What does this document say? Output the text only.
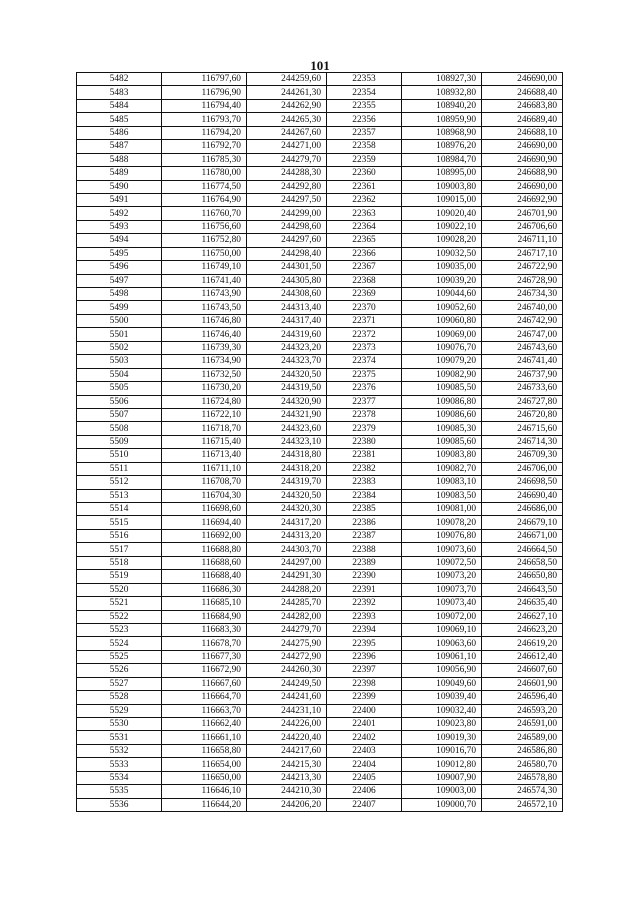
101
5482	116797,60	244259,60	22353	108927,30	246690,00
5483	116796,90	244261,30	22354	108932,80	246688,40
5484	116794,40	244262,90	22355	108940,20	246683,80
5485	116793,70	244265,30	22356	108959,90	246689,40
5486	116794,20	244267,60	22357	108968,90	246688,10
5487	116792,70	244271,00	22358	108976,20	246690,00
5488	116785,30	244279,70	22359	108984,70	246690,90
5489	116780,00	244288,30	22360	108995,00	246688,90
5490	116774,50	244292,80	22361	109003,80	246690,00
5491	116764,90	244297,50	22362	109015,00	246692,90
5492	116760,70	244299,00	22363	109020,40	246701,90
5493	116756,60	244298,60	22364	109022,10	246706,60
5494	116752,80	244297,60	22365	109028,20	246711,10
5495	116750,00	244298,40	22366	109032,50	246717,10
5496	116749,10	244301,50	22367	109035,00	246722,90
5497	116741,40	244305,80	22368	109039,20	246728,90
5498	116743,90	244308,60	22369	109044,60	246734,30
5499	116743,50	244313,40	22370	109052,60	246740,00
5500	116746,80	244317,40	22371	109060,80	246742,90
5501	116746,40	244319,60	22372	109069,00	246747,00
5502	116739,30	244323,20	22373	109076,70	246743,60
5503	116734,90	244323,70	22374	109079,20	246741,40
5504	116732,50	244320,50	22375	109082,90	246737,90
5505	116730,20	244319,50	22376	109085,50	246733,60
5506	116724,80	244320,90	22377	109086,80	246727,80
5507	116722,10	244321,90	22378	109086,60	246720,80
5508	116718,70	244323,60	22379	109085,30	246715,60
5509	116715,40	244323,10	22380	109085,60	246714,30
5510	116713,40	244318,80	22381	109083,80	246709,30
5511	116711,10	244318,20	22382	109082,70	246706,00
5512	116708,70	244319,70	22383	109083,10	246698,50
5513	116704,30	244320,50	22384	109083,50	246690,40
5514	116698,60	244320,30	22385	109081,00	246686,00
5515	116694,40	244317,20	22386	109078,20	246679,10
5516	116692,00	244313,20	22387	109076,80	246671,00
5517	116688,80	244303,70	22388	109073,60	246664,50
5518	116688,60	244297,00	22389	109072,50	246658,50
5519	116688,40	244291,30	22390	109073,20	246650,80
5520	116686,30	244288,20	22391	109073,70	246643,50
5521	116685,10	244285,70	22392	109073,40	246635,40
5522	116684,90	244282,00	22393	109072,00	246627,10
5523	116683,30	244279,70	22394	109069,10	246623,20
5524	116678,70	244275,90	22395	109063,60	246619,20
5525	116677,30	244272,90	22396	109061,10	246612,40
5526	116672,90	244260,30	22397	109056,90	246607,60
5527	116667,60	244249,50	22398	109049,60	246601,90
5528	116664,70	244241,60	22399	109039,40	246596,40
5529	116663,70	244231,10	22400	109032,40	246593,20
5530	116662,40	244226,00	22401	109023,80	246591,00
5531	116661,10	244220,40	22402	109019,30	246589,00
5532	116658,80	244217,60	22403	109016,70	246586,80
5533	116654,00	244215,30	22404	109012,80	246580,70
5534	116650,00	244213,30	22405	109007,90	246578,80
5535	116646,10	244210,30	22406	109003,00	246574,30
5536	116644,20	244206,20	22407	109000,70	246572,10
